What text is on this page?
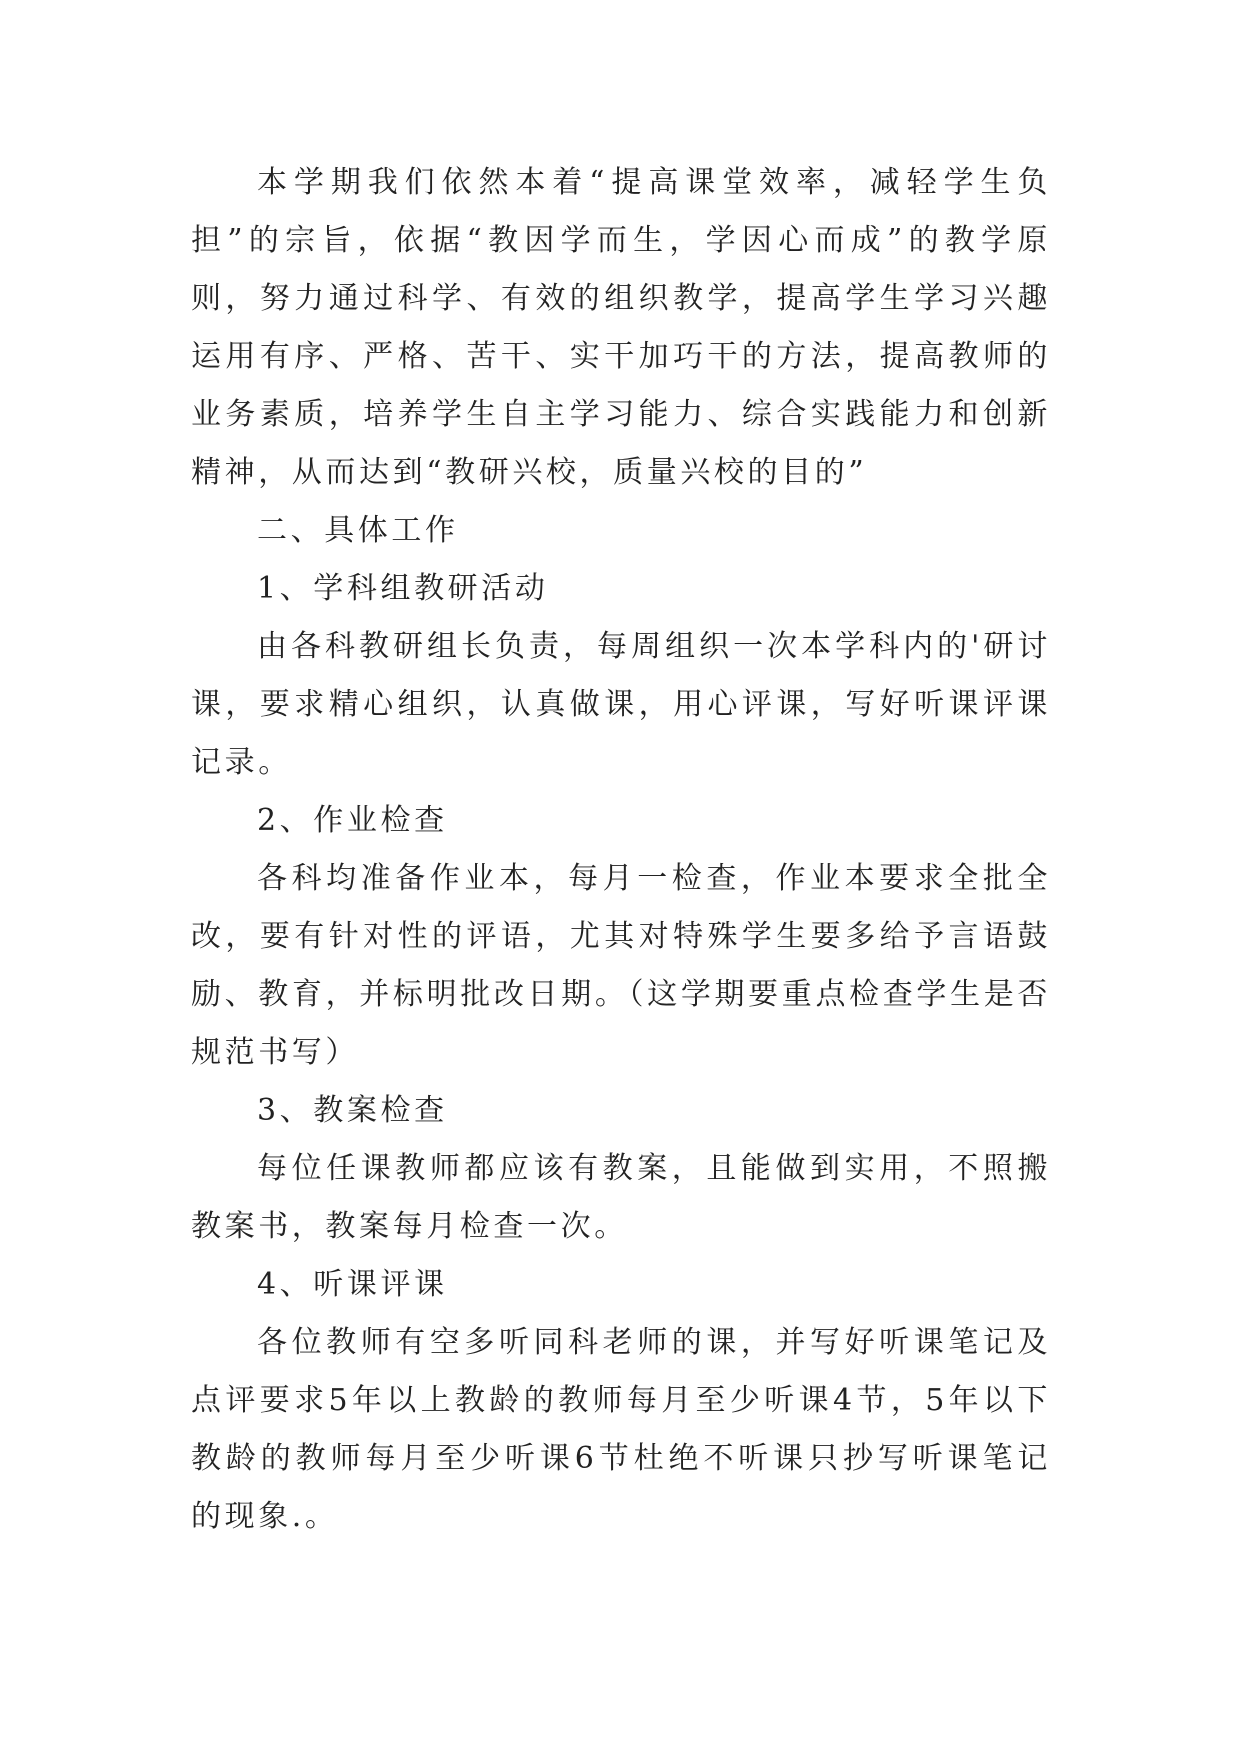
本学期我们依然本着“提高课堂效率，减轻学生负担”的宗旨，依据“教因学而生，学因心而成”的教学原则，努力通过科学、有效的组织教学，提高学生学习兴趣运用有序、严格、苦干、实干加巧干的方法，提高教师的业务素质，培养学生自主学习能力、综合实践能力和创新精神，从而达到“教研兴校，质量兴校的目的”

二、具体工作

1、学科组教研活动

由各科教研组长负责，每周组织一次本学科内的'研讨课，要求精心组织，认真做课，用心评课，写好听课评课记录。

2、作业检查

各科均准备作业本，每月一检查，作业本要求全批全改，要有针对性的评语，尤其对特殊学生要多给予言语鼓励、教育，并标明批改日期。（这学期要重点检查学生是否规范书写）

3、教案检查

每位任课教师都应该有教案，且能做到实用，不照搬教案书，教案每月检查一次。

4、听课评课

各位教师有空多听同科老师的课，并写好听课笔记及点评要求5年以上教龄的教师每月至少听课4节，5年以下教龄的教师每月至少听课6节杜绝不听课只抄写听课笔记的现象.。
